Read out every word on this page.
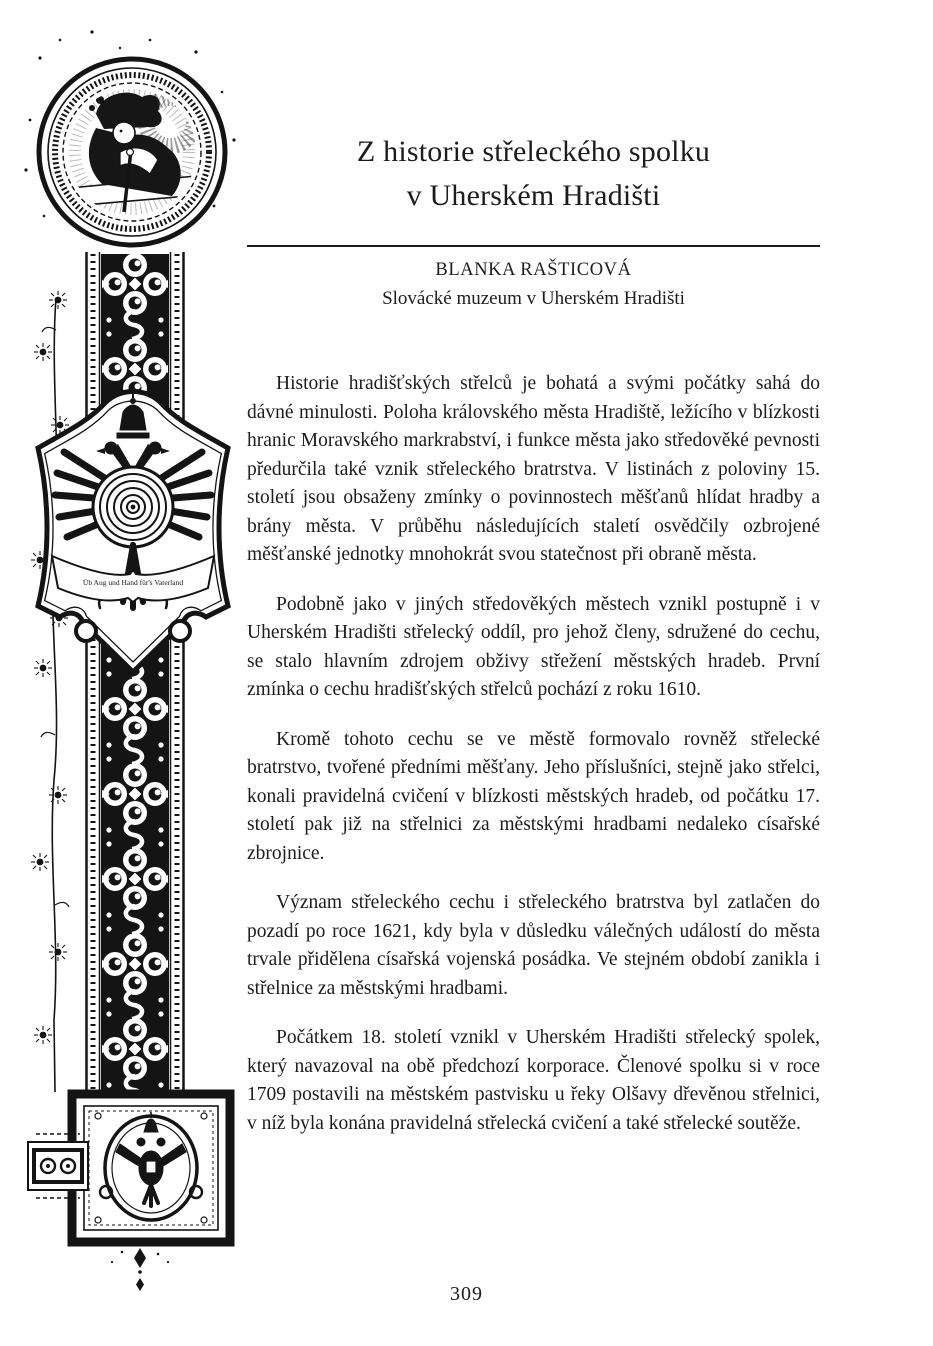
Üb Aug und Hand für's Vaterland
Z historie střeleckého spolku
v Uherském Hradišti
BLANKA RAŠTICOVÁ
Slovácké muzeum v Uherském Hradišti

Historie hradišťských střelců je bohatá a svými počátky sahá do dávné minulosti. Poloha královského města Hradiště, ležícího v blízkosti hranic Moravského markrabství, i funkce města jako středověké pevnosti předurčila také vznik střeleckého bratrstva. V listinách z poloviny 15. století jsou obsaženy zmínky o povinnostech měšťanů hlídat hradby a brány města. V průběhu následujících staletí osvědčily ozbrojené měšťanské jednotky mnohokrát svou statečnost při obraně města.

Podobně jako v jiných středověkých městech vznikl postupně i v Uherském Hradišti střelecký oddíl, pro jehož členy, sdružené do cechu, se stalo hlavním zdrojem obživy střežení městských hradeb. První zmínka o cechu hradišťských střelců pochází z roku 1610.

Kromě tohoto cechu se ve městě formovalo rovněž střelecké bratrstvo, tvořené předními měšťany. Jeho příslušníci, stejně jako střelci, konali pravidelná cvičení v blízkosti městských hradeb, od počátku 17. století pak již na střelnici za městskými hradbami nedaleko císařské zbrojnice.

Význam střeleckého cechu i střeleckého bratrstva byl zatlačen do pozadí po roce 1621, kdy byla v důsledku válečných událostí do města trvale přidělena císařská vojenská posádka. Ve stejném období zanikla i střelnice za městskými hradbami.

Počátkem 18. století vznikl v Uherském Hradišti střelecký spolek, který navazoval na obě předchozí korporace. Členové spolku si v roce 1709 postavili na městském pastvisku u řeky Olšavy dřevěnou střelnici, v níž byla konána pravidelná střelecká cvičení a také střelecké soutěže.

309
